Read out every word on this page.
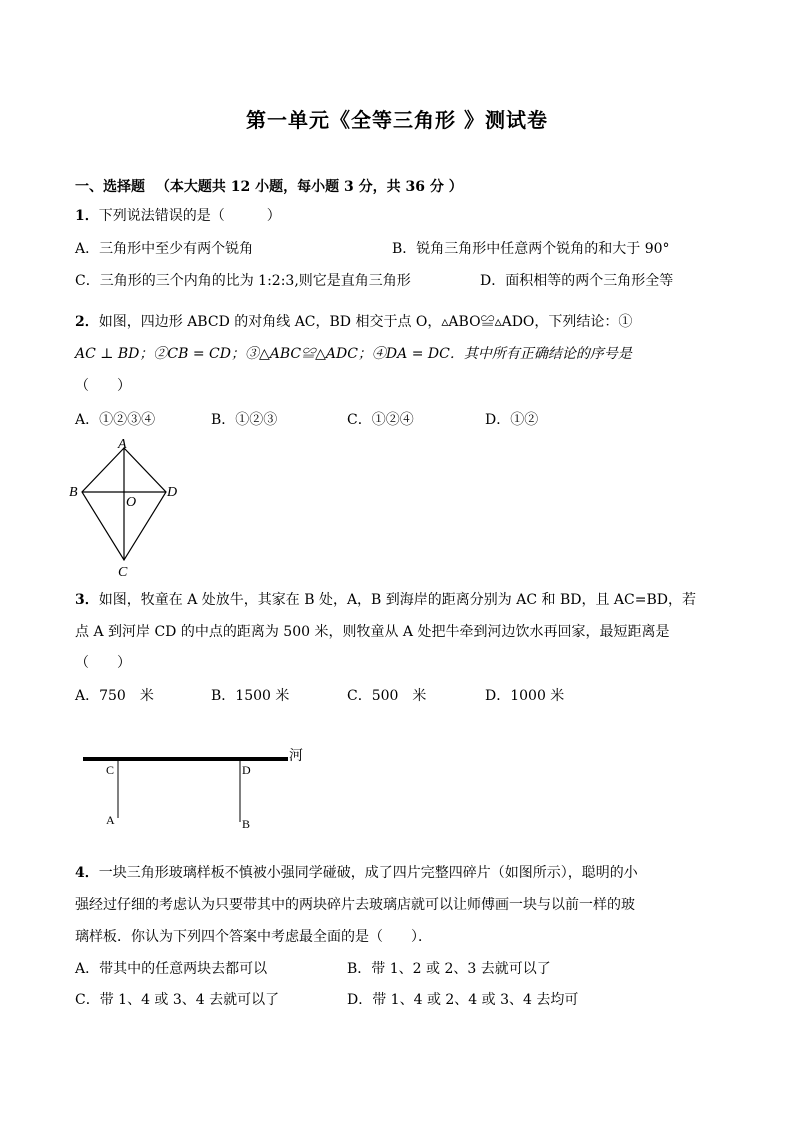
第一单元《全等三角形 》测试卷
一、选择题 （本大题共 12 小题，每小题 3 分，共 36 分 ）
1．下列说法错误的是（　　　）
A．三角形中至少有两个锐角	B．锐角三角形中任意两个锐角的和大于 90°
C．三角形的三个内角的比为 1:2:3,则它是直角三角形	D．面积相等的两个三角形全等
2．如图，四边形 ABCD 的对角线 AC，BD 相交于点 O，▵ABO≌▵ADO，下列结论：①
AC ⊥ BD；②CB = CD；③△ABC≌△ADC；④DA = DC．其中所有正确结论的序号是
（　　）
A．①②③④	B．①②③	C．①②④	D．①②
A
B
O
D
C
3．如图，牧童在 A 处放牛，其家在 B 处，A，B 到海岸的距离分别为 AC 和 BD，且 AC=BD，若
点 A 到河岸 CD 的中点的距离为 500 米，则牧童从 A 处把牛牵到河边饮水再回家，最短距离是
（　　）
A．750　米	B．1500 米	C．500　米	D．1000 米
河
C	D
A	B
4．一块三角形玻璃样板不慎被小强同学碰破，成了四片完整四碎片（如图所示），聪明的小
强经过仔细的考虑认为只要带其中的两块碎片去玻璃店就可以让师傅画一块与以前一样的玻
璃样板．你认为下列四个答案中考虑最全面的是（　　）．
A．带其中的任意两块去都可以	B．带 1、2 或 2、3 去就可以了
C．带 1、4 或 3、4 去就可以了	D．带 1、4 或 2、4 或 3、4 去均可
